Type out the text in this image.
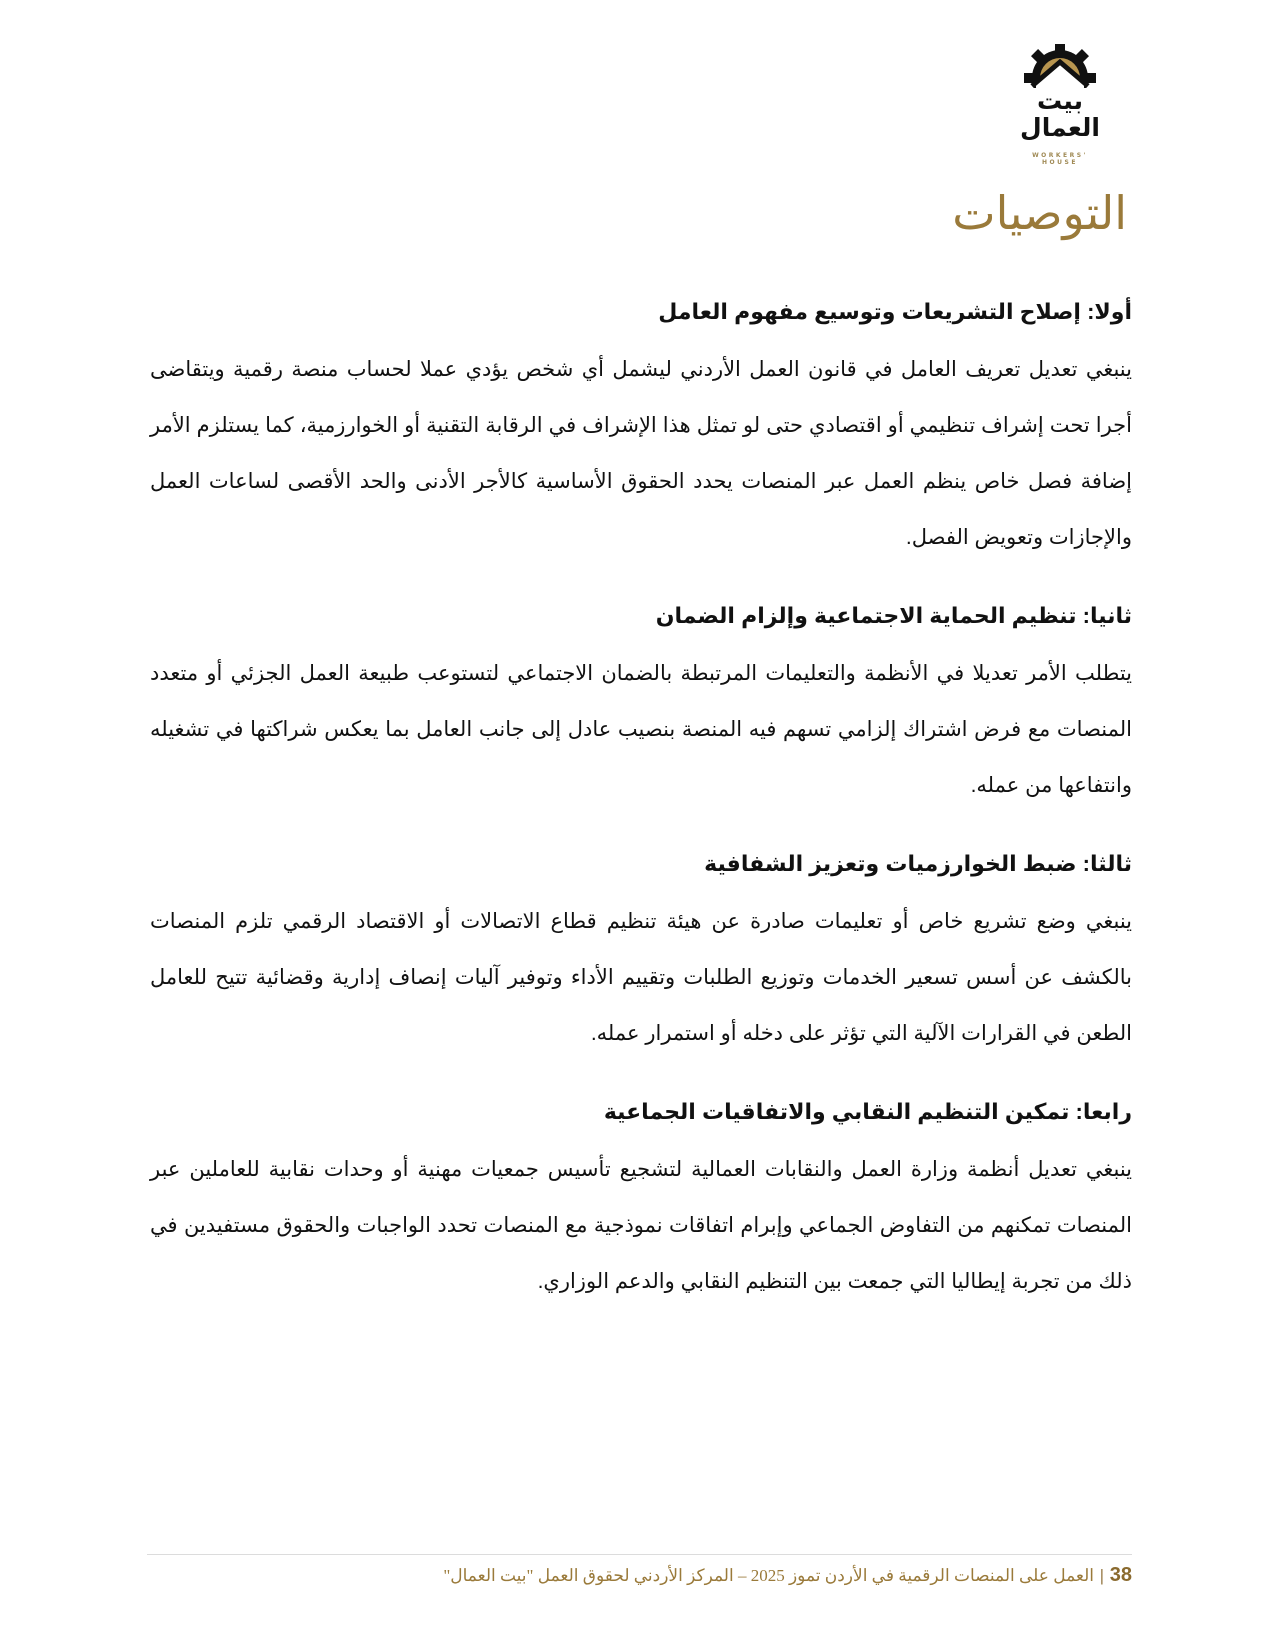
بيت
العمال
WORKERS' HOUSE
التوصيات
أولا: إصلاح التشريعات وتوسيع مفهوم العامل

ينبغي تعديل تعريف العامل في قانون العمل الأردني ليشمل أي شخص يؤدي عملا لحساب منصة رقمية ويتقاضى أجرا تحت إشراف تنظيمي أو اقتصادي حتى لو تمثل هذا الإشراف في الرقابة التقنية أو الخوارزمية، كما يستلزم الأمر إضافة فصل خاص ينظم العمل عبر المنصات يحدد الحقوق الأساسية كالأجر الأدنى والحد الأقصى لساعات العمل والإجازات وتعويض الفصل.

ثانيا: تنظيم الحماية الاجتماعية وإلزام الضمان

يتطلب الأمر تعديلا في الأنظمة والتعليمات المرتبطة بالضمان الاجتماعي لتستوعب طبيعة العمل الجزئي أو متعدد المنصات مع فرض اشتراك إلزامي تسهم فيه المنصة بنصيب عادل إلى جانب العامل بما يعكس شراكتها في تشغيله وانتفاعها من عمله.

ثالثا: ضبط الخوارزميات وتعزيز الشفافية

ينبغي وضع تشريع خاص أو تعليمات صادرة عن هيئة تنظيم قطاع الاتصالات أو الاقتصاد الرقمي تلزم المنصات بالكشف عن أسس تسعير الخدمات وتوزيع الطلبات وتقييم الأداء وتوفير آليات إنصاف إدارية وقضائية تتيح للعامل الطعن في القرارات الآلية التي تؤثر على دخله أو استمرار عمله.

رابعا: تمكين التنظيم النقابي والاتفاقيات الجماعية

ينبغي تعديل أنظمة وزارة العمل والنقابات العمالية لتشجيع تأسيس جمعيات مهنية أو وحدات نقابية للعاملين عبر المنصات تمكنهم من التفاوض الجماعي وإبرام اتفاقات نموذجية مع المنصات تحدد الواجبات والحقوق مستفيدين في ذلك من تجربة إيطاليا التي جمعت بين التنظيم النقابي والدعم الوزاري.

38|العمل على المنصات الرقمية في الأردن تموز 2025 – المركز الأردني لحقوق العمل "بيت العمال"
